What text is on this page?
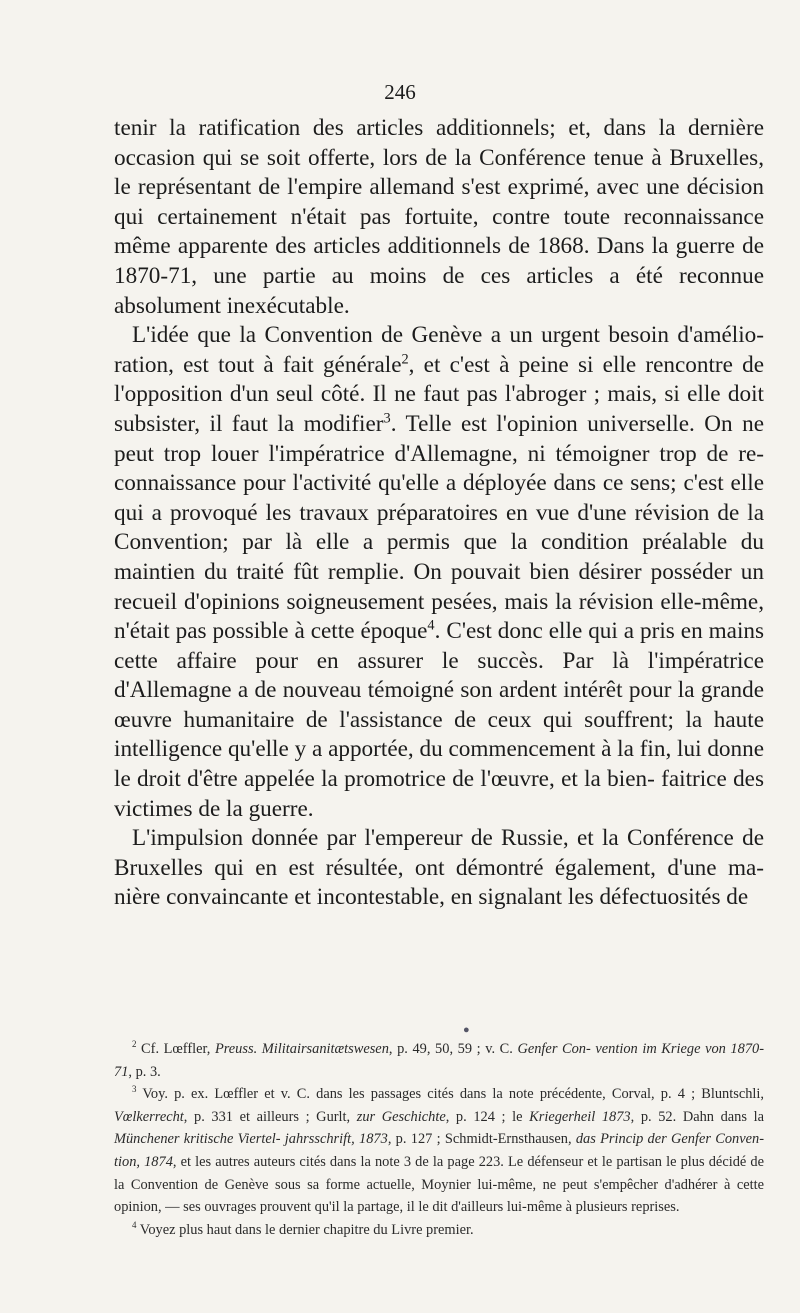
246

tenir la ratification des articles additionnels; et, dans la dernière occasion qui se soit offerte, lors de la Conférence tenue à Bruxelles, le représentant de l'empire allemand s'est exprimé, avec une décision qui certainement n'était pas fortuite, contre toute reconnaissance même apparente des articles additionnels de 1868. Dans la guerre de 1870-71, une partie au moins de ces articles a été reconnue absolument inexécutable.

L'idée que la Convention de Genève a un urgent besoin d'amélio- ration, est tout à fait générale$^2$, et c'est à peine si elle rencontre de l'opposition d'un seul côté. Il ne faut pas l'abroger ; mais, si elle doit subsister, il faut la modifier$^3$. Telle est l'opinion universelle. On ne peut trop louer l'impératrice d'Allemagne, ni témoigner trop de re- connaissance pour l'activité qu'elle a déployée dans ce sens; c'est elle qui a provoqué les travaux préparatoires en vue d'une révision de la Convention; par là elle a permis que la condition préalable du maintien du traité fût remplie. On pouvait bien désirer posséder un recueil d'opinions soigneusement pesées, mais la révision elle-même, n'était pas possible à cette époque$^4$. C'est donc elle qui a pris en mains cette affaire pour en assurer le succès. Par là l'impératrice d'Allemagne a de nouveau témoigné son ardent intérêt pour la grande œuvre humanitaire de l'assistance de ceux qui souffrent; la haute intelligence qu'elle y a apportée, du commencement à la fin, lui donne le droit d'être appelée la promotrice de l'œuvre, et la bien- faitrice des victimes de la guerre.

L'impulsion donnée par l'empereur de Russie, et la Conférence de Bruxelles qui en est résultée, ont démontré également, d'une ma- nière convaincante et incontestable, en signalant les défectuosités de

●

$^2$ Cf. Lœffler, Preuss. Militairsanitætswesen, p. 49, 50, 59 ; v. C. Genfer Con- vention im Kriege von 1870-71, p. 3.

$^3$ Voy. p. ex. Lœffler et v. C. dans les passages cités dans la note précédente, Corval, p. 4 ; Bluntschli, Vœlkerrecht, p. 331 et ailleurs ; Gurlt, zur Geschichte, p. 124 ; le Kriegerheil 1873, p. 52. Dahn dans la Münchener kritische Viertel- jahrsschrift, 1873, p. 127 ; Schmidt-Ernsthausen, das Princip der Genfer Conven- tion, 1874, et les autres auteurs cités dans la note 3 de la page 223. Le défenseur et le partisan le plus décidé de la Convention de Genève sous sa forme actuelle, Moynier lui-même, ne peut s'empêcher d'adhérer à cette opinion, — ses ouvrages prouvent qu'il la partage, il le dit d'ailleurs lui-même à plusieurs reprises.

$^4$ Voyez plus haut dans le dernier chapitre du Livre premier.
